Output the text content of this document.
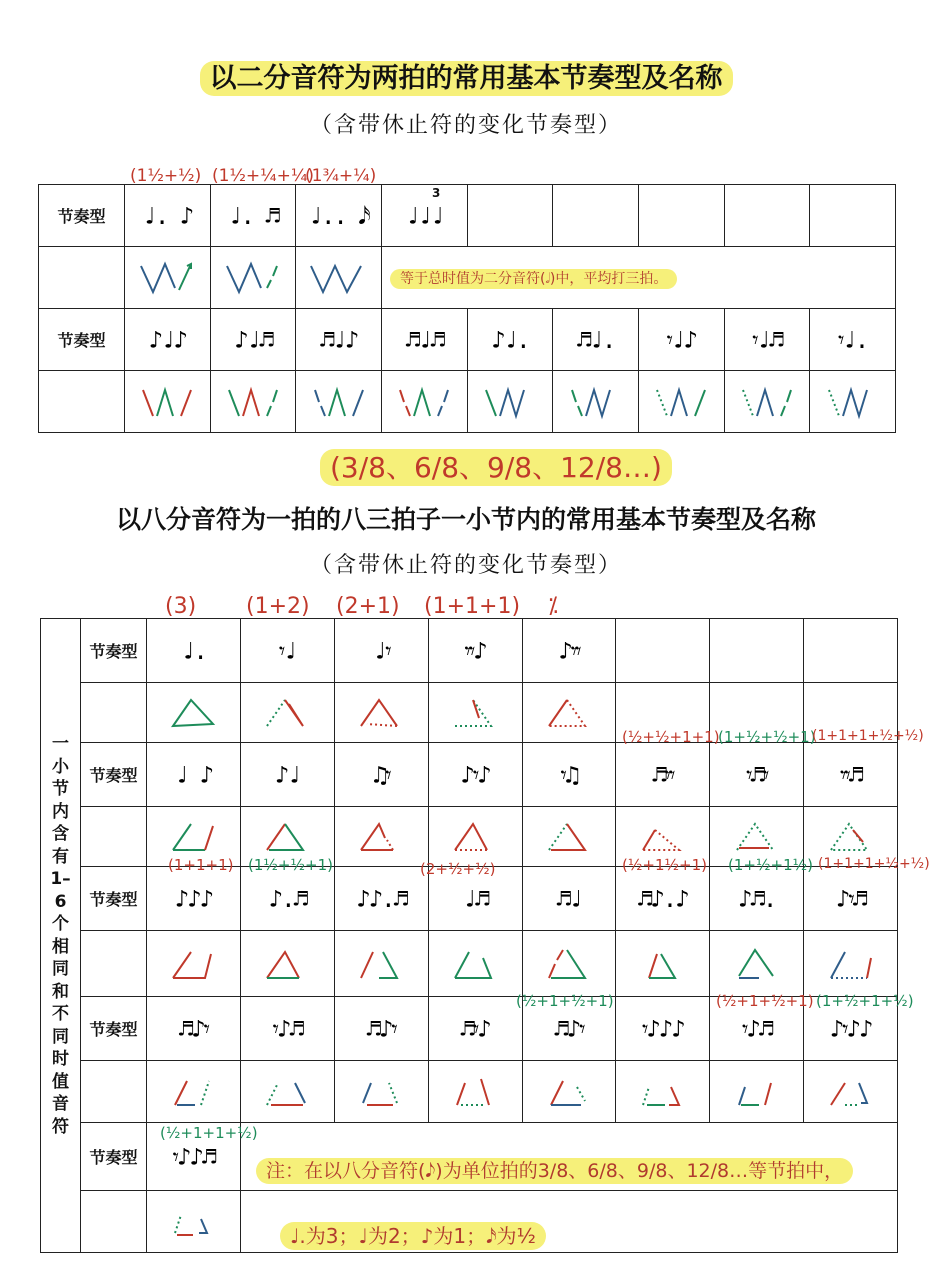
以二分音符为两拍的常用基本节奏型及名称
（含带休止符的变化节奏型）
(1½+½) (1½+¼+¼)
(1¾+¼)
3
节奏型	♩. ♪	♩. ♬	♩.. 𝅘𝅥𝅯	♩♩♩					

	等于总时值为二分音符(𝅗𝅥)中，平均打三拍。					
节奏型	♪♩♪	♪♩♬	♬♩♪	♬♩♬	♪♩.	♬♩.	𝄾♩♪	𝄾♩♬	𝄾♩.

(3/8、6/8、9/8、12/8…)
以八分音符为一拍的八三拍子一小节内的常用基本节奏型及名称
（含带休止符的变化节奏型）
(3) (1+2) (2+1) (1+1+1) ⁒
一小节内含有1–6个相同和不同时值音符	节奏型	♩.	𝄾♩	♩𝄾	𝄾𝄾♪	♪𝄾𝄾			

	节奏型	♩ ♪	♪♩	♫𝄾	♪𝄾♪	𝄾♫	♬𝄾𝄾	𝄾♬𝄾	𝄾𝄾♬

	节奏型	♪♪♪	♪.♬	♪♪.♬	♩♬	♬♩	♬♪.♪	♪♬.	♪𝄾♬

	节奏型	♬♪𝄾	𝄾♪♬	♬♪𝄾	♬𝄾♪	♬♪𝄾	𝄾♪♪♪	𝄾♪♬	♪𝄾♪♪

	节奏型	𝄾♪♪♬							

(½+½+1+1)
(1+½+½+1)
(1+1+1+½+½)
(1+1+1) (1½+½+1)	(2+½+½)	(½+1½+1) (1+½+1½) (1+1+1+½+½)
(½+1+½+1)	(½+1+½+1) (1+½+1+½)
(½+1+1+½)
注：在以八分音符(𝅘𝅥𝅮)为单位拍的3/8、6/8、9/8、12/8…等节拍中，
♩.为3；♩为2；♪为1；𝅘𝅥𝅯为½
